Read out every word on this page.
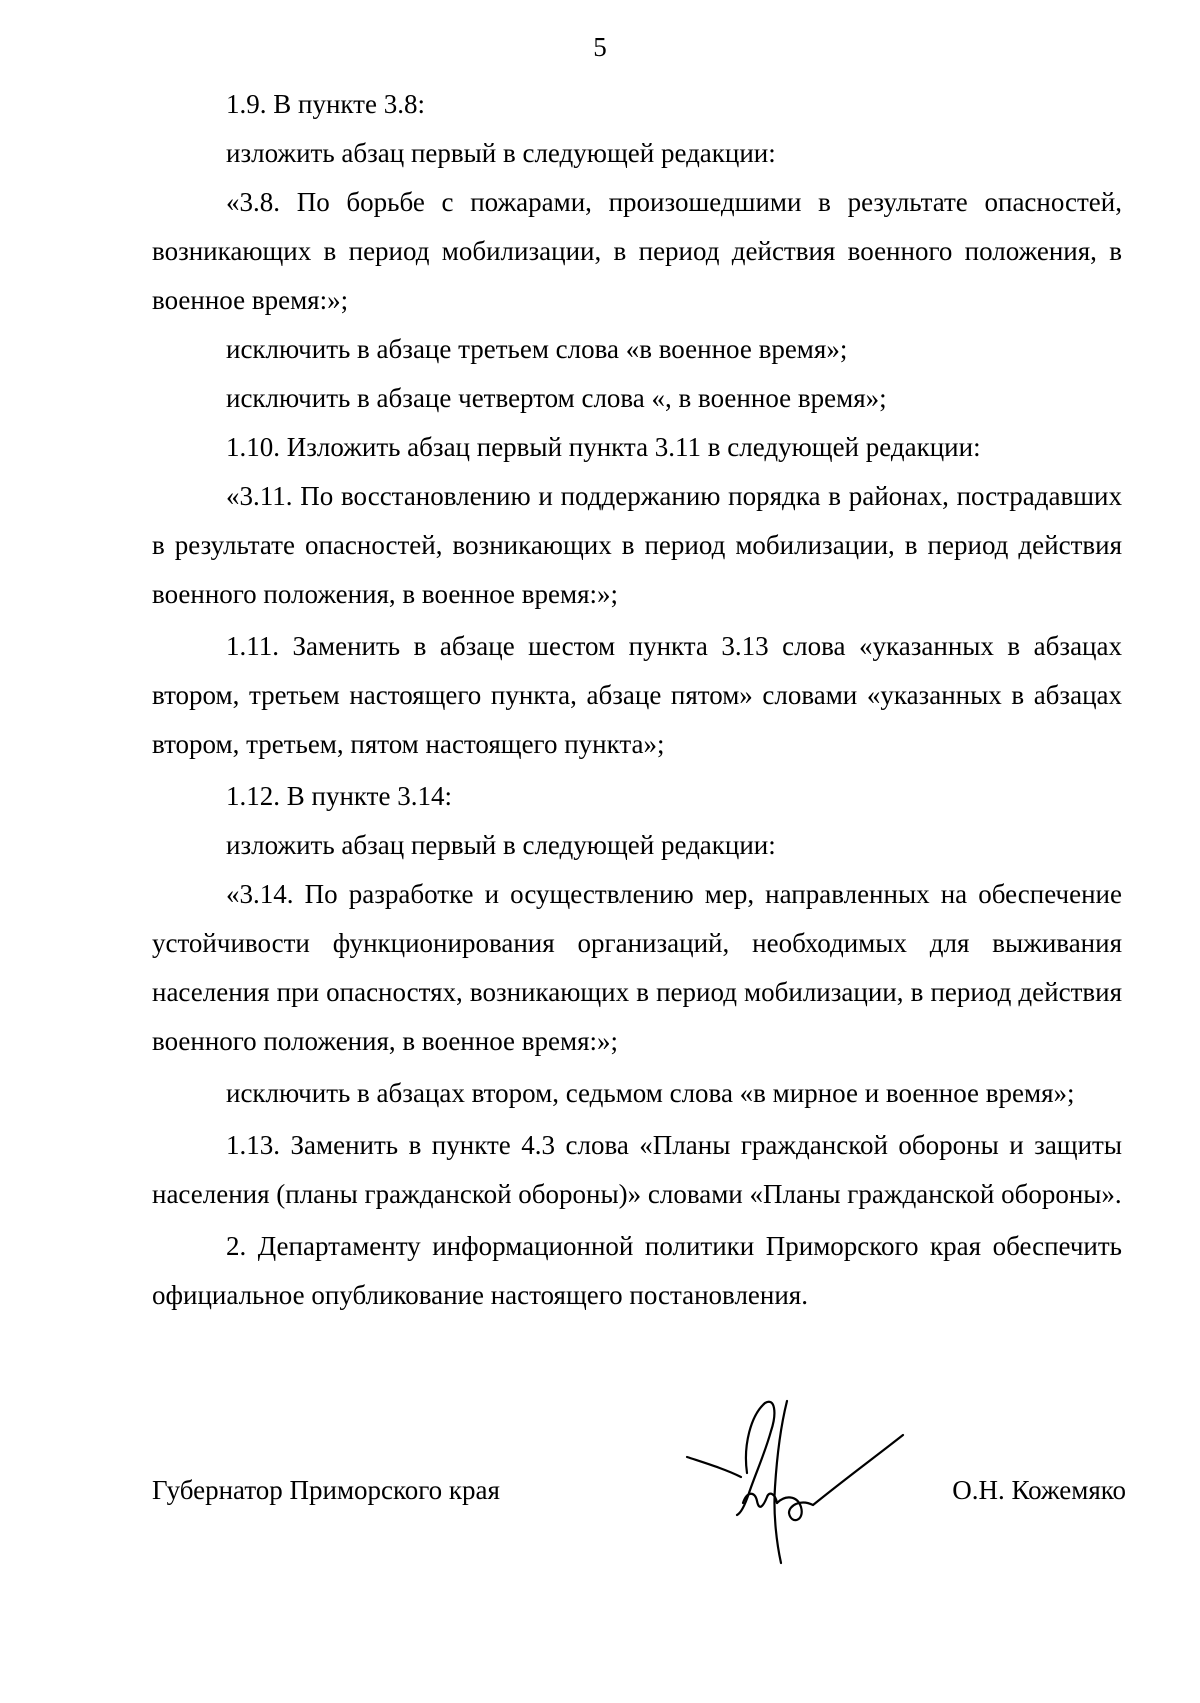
5

1.9. В пункте 3.8:

изложить абзац первый в следующей редакции:

«3.8. По борьбе с пожарами, произошедшими в результате опасностей, возникающих в период мобилизации, в период действия военного положения, в военное время:»;

исключить в абзаце третьем слова «в военное время»;

исключить в абзаце четвертом слова «, в военное время»;

1.10. Изложить абзац первый пункта 3.11 в следующей редакции:

«3.11. По восстановлению и поддержанию порядка в районах, пострадавших в результате опасностей, возникающих в период мобилизации, в период действия военного положения, в военное время:»;

1.11. Заменить в абзаце шестом пункта 3.13 слова «указанных в абзацах втором, третьем настоящего пункта, абзаце пятом» словами «указанных в абзацах втором, третьем, пятом настоящего пункта»;

1.12. В пункте 3.14:

изложить абзац первый в следующей редакции:

«3.14. По разработке и осуществлению мер, направленных на обеспечение устойчивости функционирования организаций, необходимых для выживания населения при опасностях, возникающих в период мобилизации, в период действия военного положения, в военное время:»;

исключить в абзацах втором, седьмом слова «в мирное и военное время»;

1.13. Заменить в пункте 4.3 слова «Планы гражданской обороны и защиты населения (планы гражданской обороны)» словами «Планы гражданской обороны».

2. Департаменту информационной политики Приморского края обеспечить официальное опубликование настоящего постановления.

Губернатор Приморского края	О.Н. Кожемяко
